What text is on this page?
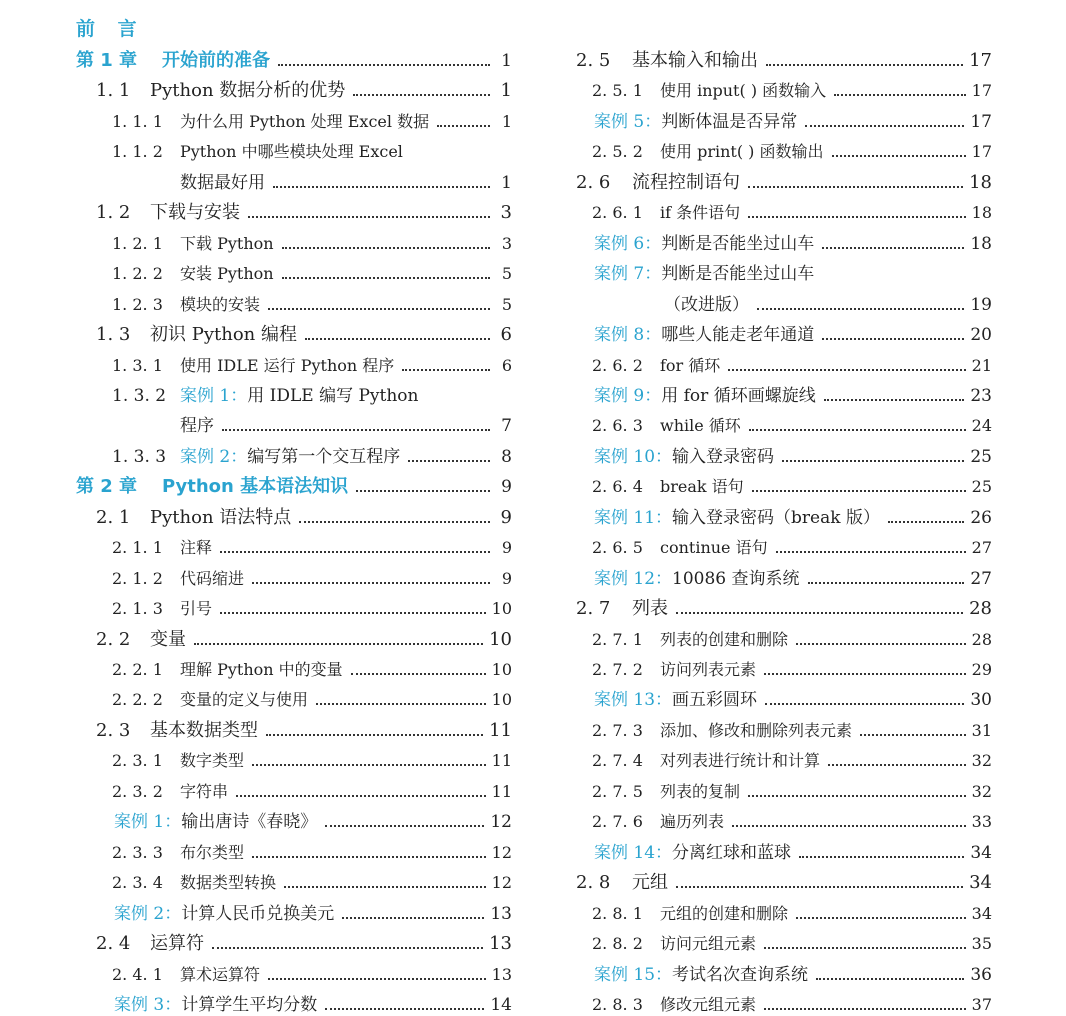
前 言
第 1 章	开始前的准备	1
1. 1	Python 数据分析的优势	1
1. 1. 1	为什么用 Python 处理 Excel 数据	1
1. 1. 2	Python 中哪些模块处理 Excel
数据最好用	1
1. 2	下载与安装	3
1. 2. 1	下载 Python	3
1. 2. 2	安装 Python	5
1. 2. 3	模块的安装	5
1. 3	初识 Python 编程	6
1. 3. 1	使用 IDLE 运行 Python 程序	6
1. 3. 2 案例 1： 用 IDLE 编写 Python
程序	7
1. 3. 3 案例 2： 编写第一个交互程序	8
第 2 章	Python 基本语法知识	9
2. 1	Python 语法特点	9
2. 1. 1	注释	9
2. 1. 2	代码缩进	9
2. 1. 3	引号	10
2. 2	变量	10
2. 2. 1	理解 Python 中的变量	10
2. 2. 2	变量的定义与使用	10
2. 3	基本数据类型	11
2. 3. 1	数字类型	11
2. 3. 2	字符串	11
案例 1： 输出唐诗《春晓》	12
2. 3. 3	布尔类型	12
2. 3. 4	数据类型转换	12
案例 2： 计算人民币兑换美元	13
2. 4	运算符	13
2. 4. 1	算术运算符	13
案例 3： 计算学生平均分数	14
2. 5	基本输入和输出	17
2. 5. 1	使用 input( ) 函数输入	17
案例 5： 判断体温是否异常	17
2. 5. 2	使用 print( ) 函数输出	17
2. 6	流程控制语句	18
2. 6. 1	if 条件语句	18
案例 6： 判断是否能坐过山车	18
案例 7： 判断是否能坐过山车
（改进版）	19
案例 8： 哪些人能走老年通道	20
2. 6. 2	for 循环	21
案例 9： 用 for 循环画螺旋线	23
2. 6. 3	while 循环	24
案例 10： 输入登录密码	25
2. 6. 4	break 语句	25
案例 11： 输入登录密码（break 版）	26
2. 6. 5	continue 语句	27
案例 12： 10086 查询系统	27
2. 7	列表	28
2. 7. 1	列表的创建和删除	28
2. 7. 2	访问列表元素	29
案例 13： 画五彩圆环	30
2. 7. 3	添加、修改和删除列表元素	31
2. 7. 4	对列表进行统计和计算	32
2. 7. 5	列表的复制	32
2. 7. 6	遍历列表	33
案例 14： 分离红球和蓝球	34
2. 8	元组	34
2. 8. 1	元组的创建和删除	34
2. 8. 2	访问元组元素	35
案例 15： 考试名次查询系统	36
2. 8. 3	修改元组元素	37
